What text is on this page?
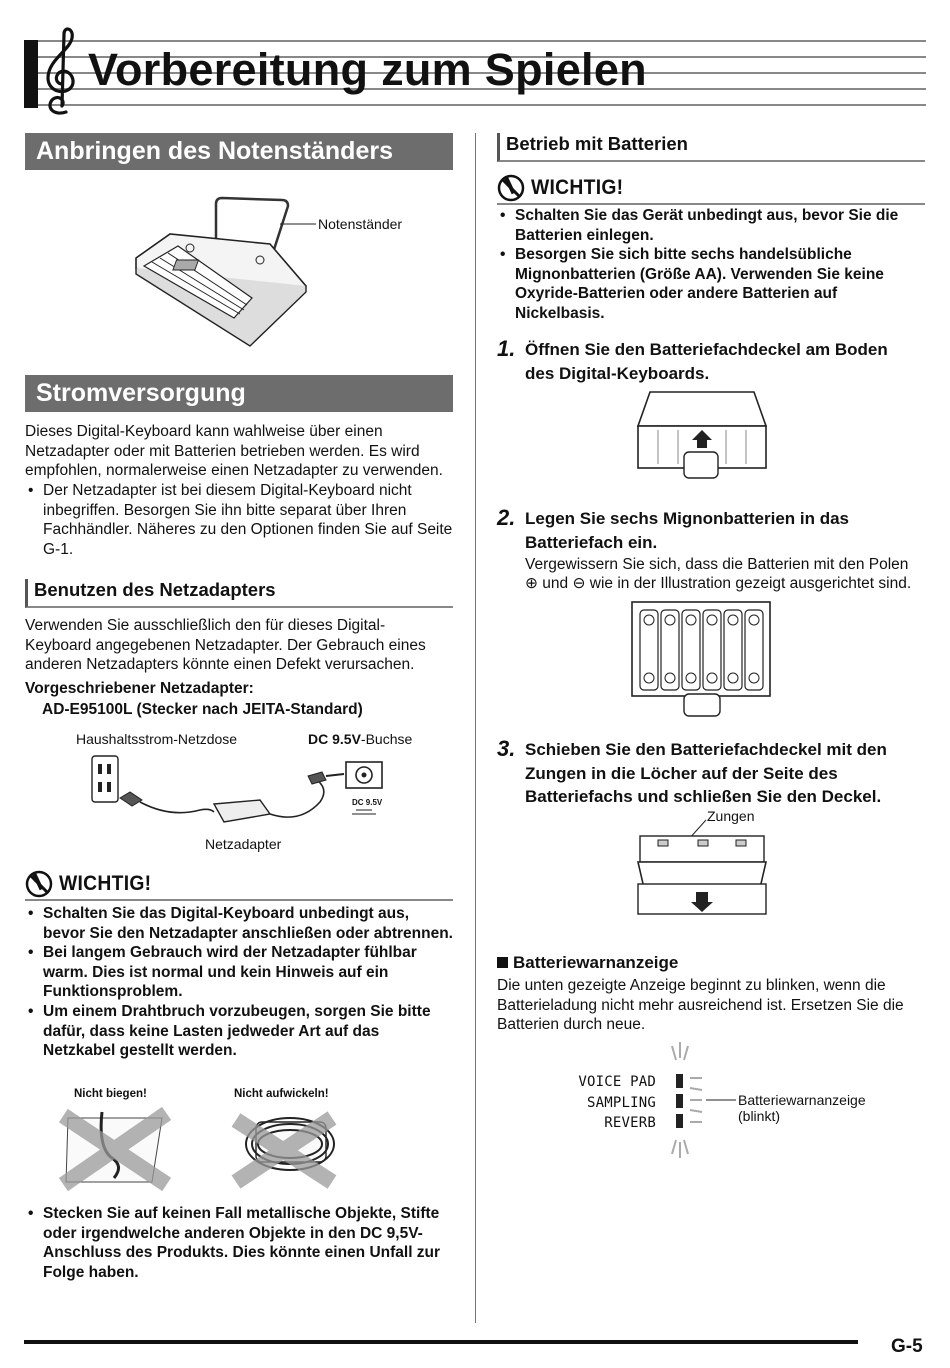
Vorbereitung zum Spielen
Anbringen des Notenständers
Notenständer
Stromversorgung
Dieses Digital-Keyboard kann wahlweise über einen Netzadapter oder mit Batterien betrieben werden. Es wird empfohlen, normalerweise einen Netzadapter zu verwenden.
• Der Netzadapter ist bei diesem Digital-Keyboard nicht inbegriffen. Besorgen Sie ihn bitte separat über Ihren Fachhändler. Näheres zu den Optionen finden Sie auf Seite G-1.
Benutzen des Netzadapters
Verwenden Sie ausschließlich den für dieses Digital-Keyboard angegebenen Netzadapter. Der Gebrauch eines anderen Netzadapters könnte einen Defekt verursachen.
Vorgeschriebener Netzadapter:
AD-E95100L (Stecker nach JEITA-Standard)
Haushaltsstrom-Netzdose	DC 9.5V-Buchse
DC 9.5V
Netzadapter
WICHTIG!
• Schalten Sie das Digital-Keyboard unbedingt aus, bevor Sie den Netzadapter anschließen oder abtrennen.
• Bei langem Gebrauch wird der Netzadapter fühlbar warm. Dies ist normal und kein Hinweis auf ein Funktionsproblem.
• Um einem Drahtbruch vorzubeugen, sorgen Sie bitte dafür, dass keine Lasten jedweder Art auf das Netzkabel gestellt werden.
Nicht biegen!	Nicht aufwickeln!
• Stecken Sie auf keinen Fall metallische Objekte, Stifte oder irgendwelche anderen Objekte in den DC 9,5V-Anschluss des Produkts. Dies könnte einen Unfall zur Folge haben.
Betrieb mit Batterien
WICHTIG!
• Schalten Sie das Gerät unbedingt aus, bevor Sie die Batterien einlegen.
• Besorgen Sie sich bitte sechs handelsübliche Mignonbatterien (Größe AA). Verwenden Sie keine Oxyride-Batterien oder andere Batterien auf Nickelbasis.
1. Öffnen Sie den Batteriefachdeckel am Boden des Digital-Keyboards.
2. Legen Sie sechs Mignonbatterien in das Batteriefach ein.
Vergewissern Sie sich, dass die Batterien mit den Polen
⊕ und ⊖ wie in der Illustration gezeigt ausgerichtet sind.
3. Schieben Sie den Batteriefachdeckel mit den Zungen in die Löcher auf der Seite des Batteriefachs und schließen Sie den Deckel.
Zungen
Batteriewarnanzeige
Die unten gezeigte Anzeige beginnt zu blinken, wenn die Batterieladung nicht mehr ausreichend ist. Ersetzen Sie die Batterien durch neue.
VOICE PAD
SAMPLING
REVERB
Batteriewarnanzeige
(blinkt)
G-5
